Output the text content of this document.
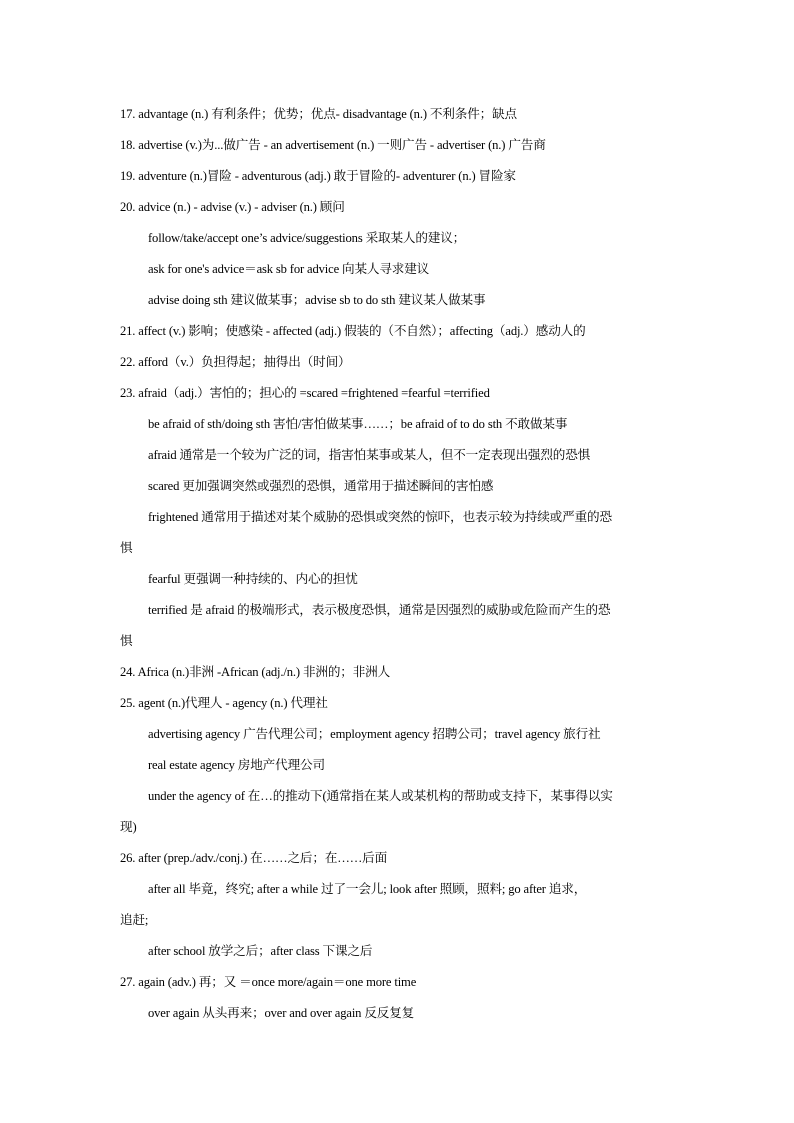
17. advantage (n.) 有利条件；优势；优点- disadvantage (n.) 不利条件；缺点
18. advertise (v.)为...做广告 - an advertisement (n.) 一则广告 - advertiser (n.) 广告商
19. adventure (n.)冒险 - adventurous (adj.) 敢于冒险的- adventurer (n.) 冒险家
20. advice (n.) - advise (v.) - adviser (n.) 顾问
follow/take/accept one’s advice/suggestions 采取某人的建议；
ask for one's advice＝ask sb for advice 向某人寻求建议
advise doing sth 建议做某事；advise sb to do sth 建议某人做某事
21. affect (v.) 影响；使感染 - affected (adj.) 假装的（不自然）；affecting（adj.）感动人的
22. afford（v.）负担得起；抽得出（时间）
23. afraid（adj.）害怕的；担心的 =scared =frightened =fearful =terrified
be afraid of sth/doing sth 害怕/害怕做某事……；be afraid of to do sth 不敢做某事
afraid 通常是一个较为广泛的词，指害怕某事或某人，但不一定表现出强烈的恐惧
scared 更加强调突然或强烈的恐惧，通常用于描述瞬间的害怕感
frightened 通常用于描述对某个威胁的恐惧或突然的惊吓，也表示较为持续或严重的恐
惧
fearful 更强调一种持续的、内心的担忧
terrified 是 afraid 的极端形式，表示极度恐惧，通常是因强烈的威胁或危险而产生的恐
惧
24. Africa (n.)非洲 -African (adj./n.) 非洲的；非洲人
25. agent (n.)代理人 - agency (n.) 代理社
advertising agency 广告代理公司；employment agency 招聘公司；travel agency 旅行社
real estate agency 房地产代理公司
under the agency of 在…的推动下(通常指在某人或某机构的帮助或支持下，某事得以实
现)
26. after (prep./adv./conj.) 在……之后；在……后面
after all 毕竟，终究; after a while 过了一会儿; look after 照顾，照料; go after 追求，
追赶;
after school 放学之后；after class 下课之后
27. again (adv.) 再；又 ＝once more/again＝one more time
over again 从头再来；over and over again 反反复复
